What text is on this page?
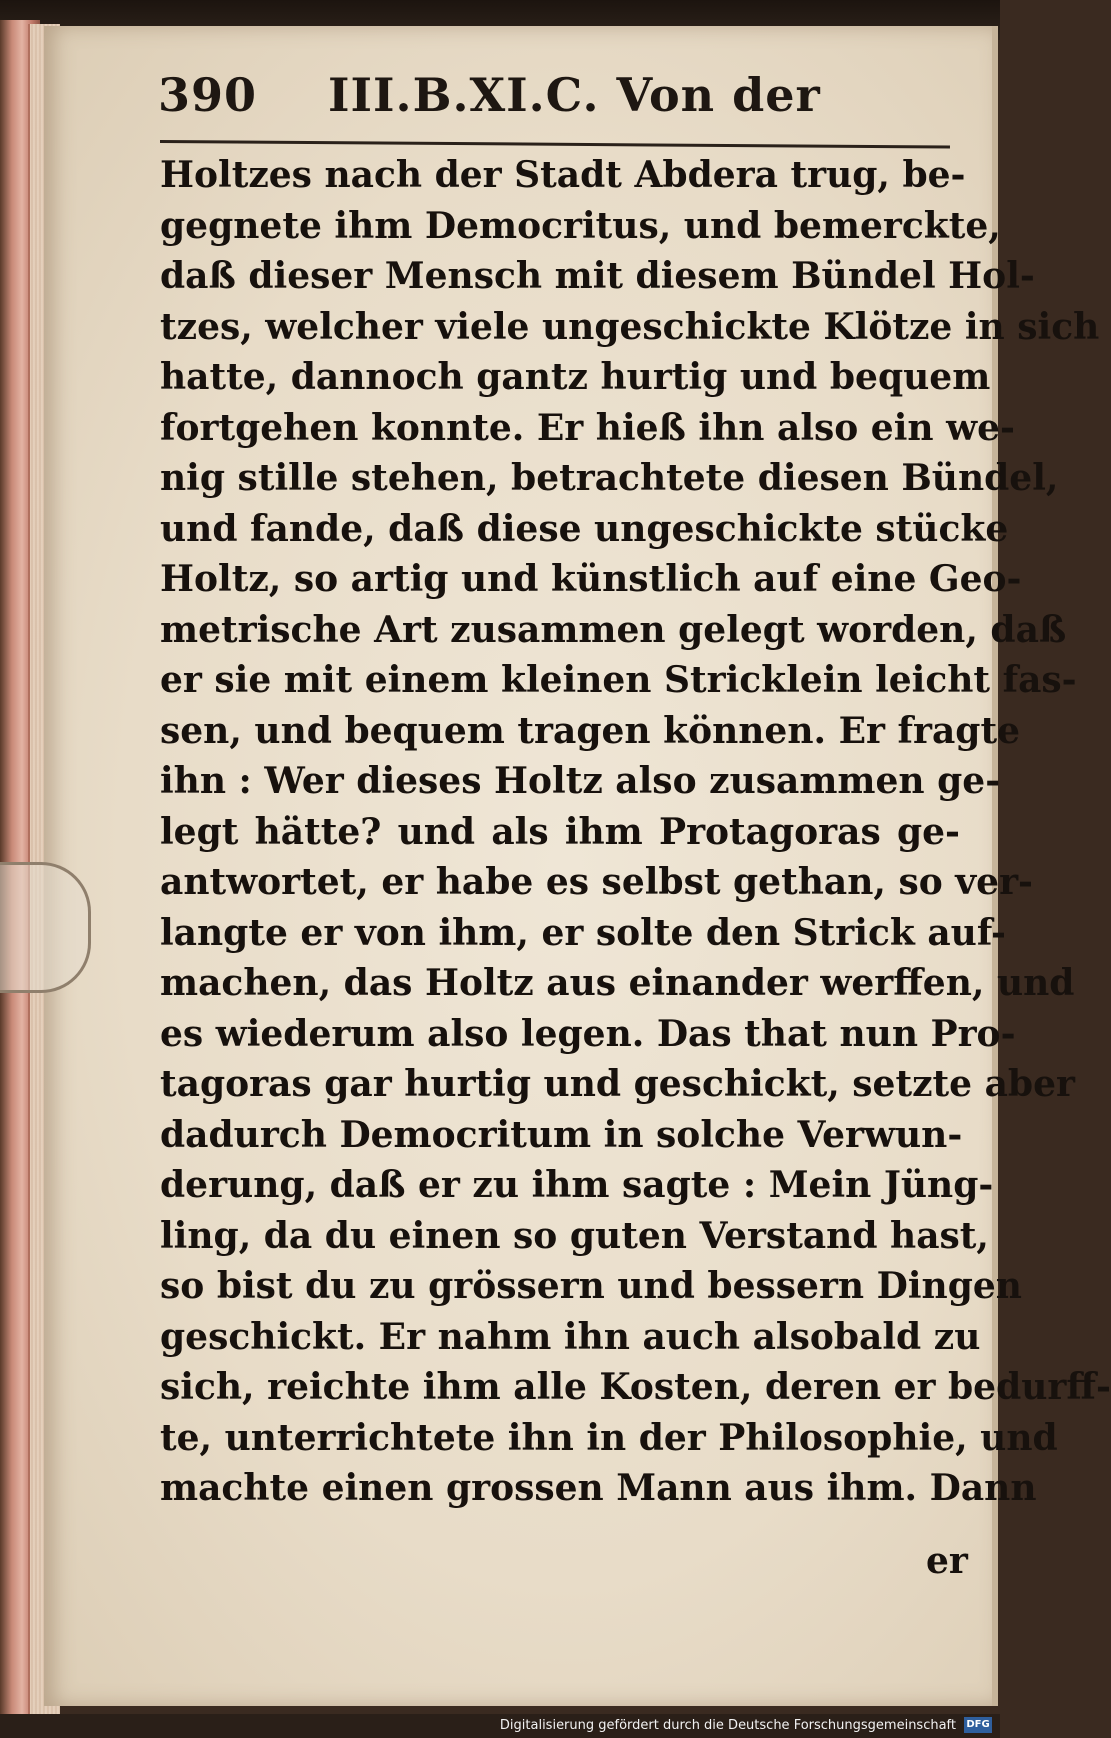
390 III.B.XI.C. Von der
Holtzes nach der Stadt Abdera trug, be-
gegnete ihm Democritus, und bemerckte,
daß dieser Mensch mit diesem Bündel Hol-
tzes, welcher viele ungeschickte Klötze in sich
hatte, dannoch gantz hurtig und bequem
fortgehen konnte. Er hieß ihn also ein we-
nig stille stehen, betrachtete diesen Bündel,
und fande, daß diese ungeschickte stücke
Holtz, so artig und künstlich auf eine Geo-
metrische Art zusammen gelegt worden, daß
er sie mit einem kleinen Stricklein leicht fas-
sen, und bequem tragen können. Er fragte
ihn : Wer dieses Holtz also zusammen ge-
legt hätte? und als ihm Protagoras ge-
antwortet, er habe es selbst gethan, so ver-
langte er von ihm, er solte den Strick auf-
machen, das Holtz aus einander werffen, und
es wiederum also legen. Das that nun Pro-
tagoras gar hurtig und geschickt, setzte aber
dadurch Democritum in solche Verwun-
derung, daß er zu ihm sagte : Mein Jüng-
ling, da du einen so guten Verstand hast,
so bist du zu grössern und bessern Dingen
geschickt. Er nahm ihn auch alsobald zu
sich, reichte ihm alle Kosten, deren er bedurff-
te, unterrichtete ihn in der Philosophie, und
machte einen grossen Mann aus ihm. Dann
er
Digitalisierung gefördert durch die Deutsche Forschungsgemeinschaft DFG
